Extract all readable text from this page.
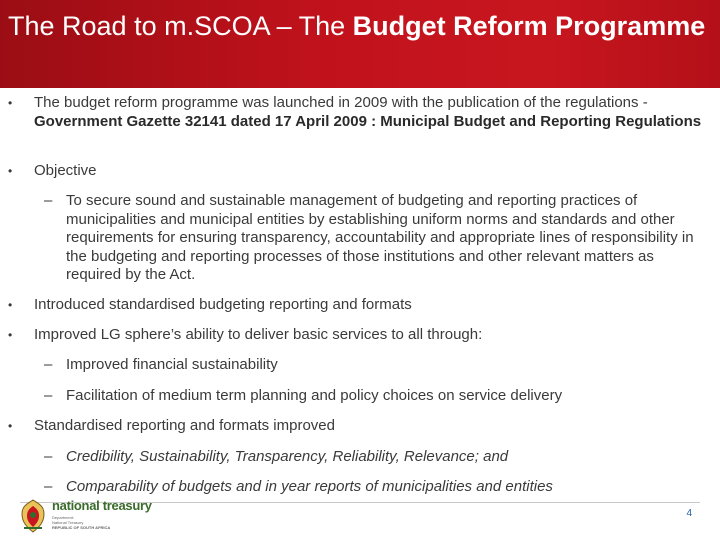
The Road to m.SCOA – The Budget Reform Programme
• The budget reform programme was launched in 2009 with the publication of the regulations - Government Gazette 32141 dated 17 April 2009 : Municipal Budget and Reporting Regulations
• Objective
– To secure sound and sustainable management of budgeting and reporting practices of municipalities and municipal entities by establishing uniform norms and standards and other requirements for ensuring transparency, accountability and appropriate lines of responsibility in the budgeting and reporting processes of those institutions and other relevant matters as required by the Act.
• Introduced standardised budgeting reporting and formats
• Improved LG sphere’s ability to deliver basic services to all through:
– Improved financial sustainability
– Facilitation of medium term planning and policy choices on service delivery
• Standardised reporting and formats improved
– Credibility, Sustainability, Transparency, Reliability, Relevance; and
– Comparability of budgets and in year reports of municipalities and entities
national treasury
Department:
National Treasury
REPUBLIC OF SOUTH AFRICA
4
